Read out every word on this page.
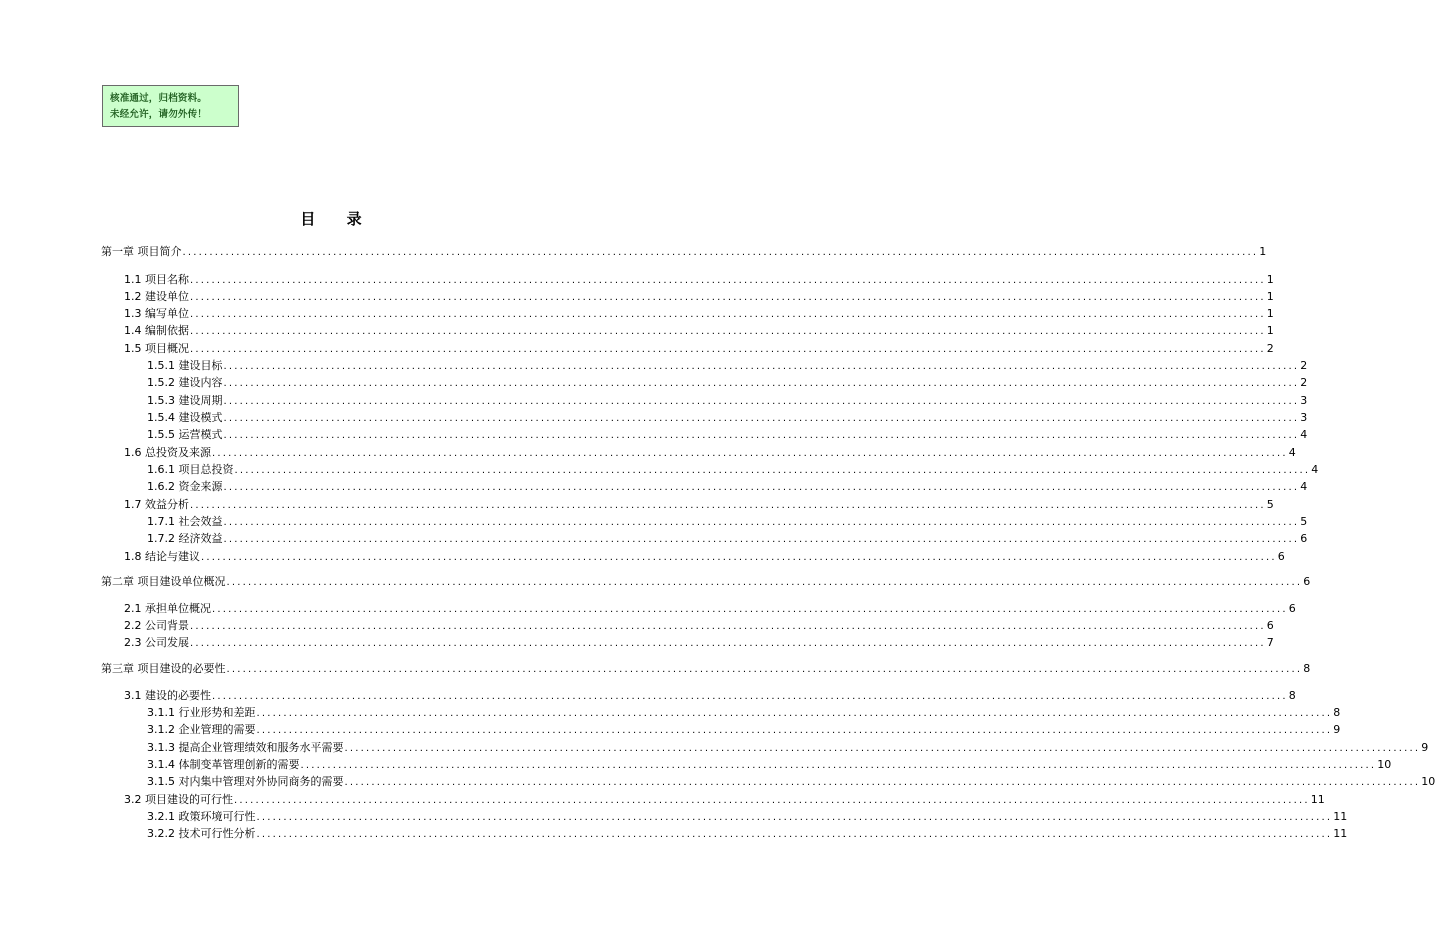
核准通过，归档资料。
未经允许，请勿外传！
目 录
第一章 项目简介 ........................................................................................................................................................................................................ 1
1.1 项目名称 ........................................................................................................................................................................................................ 1
1.2 建设单位 ........................................................................................................................................................................................................ 1
1.3 编写单位 ........................................................................................................................................................................................................ 1
1.4 编制依据 ........................................................................................................................................................................................................ 1
1.5 项目概况 ........................................................................................................................................................................................................ 2
1.5.1 建设目标 ........................................................................................................................................................................................................ 2
1.5.2 建设内容 ........................................................................................................................................................................................................ 2
1.5.3 建设周期 ........................................................................................................................................................................................................ 3
1.5.4 建设模式 ........................................................................................................................................................................................................ 3
1.5.5 运营模式 ........................................................................................................................................................................................................ 4
1.6 总投资及来源 ........................................................................................................................................................................................................ 4
1.6.1 项目总投资 ........................................................................................................................................................................................................ 4
1.6.2 资金来源 ........................................................................................................................................................................................................ 4
1.7 效益分析 ........................................................................................................................................................................................................ 5
1.7.1 社会效益 ........................................................................................................................................................................................................ 5
1.7.2 经济效益 ........................................................................................................................................................................................................ 6
1.8 结论与建议 ........................................................................................................................................................................................................ 6
第二章 项目建设单位概况 ........................................................................................................................................................................................................ 6
2.1 承担单位概况 ........................................................................................................................................................................................................ 6
2.2 公司背景 ........................................................................................................................................................................................................ 6
2.3 公司发展 ........................................................................................................................................................................................................ 7
第三章 项目建设的必要性 ........................................................................................................................................................................................................ 8
3.1 建设的必要性 ........................................................................................................................................................................................................ 8
3.1.1 行业形势和差距 ........................................................................................................................................................................................................ 8
3.1.2 企业管理的需要 ........................................................................................................................................................................................................ 9
3.1.3 提高企业管理绩效和服务水平需要 ........................................................................................................................................................................................................ 9
3.1.4 体制变革管理创新的需要 ........................................................................................................................................................................................................ 10
3.1.5 对内集中管理对外协同商务的需要 ........................................................................................................................................................................................................ 10
3.2 项目建设的可行性 ........................................................................................................................................................................................................ 11
3.2.1 政策环境可行性 ........................................................................................................................................................................................................ 11
3.2.2 技术可行性分析 ........................................................................................................................................................................................................ 11
